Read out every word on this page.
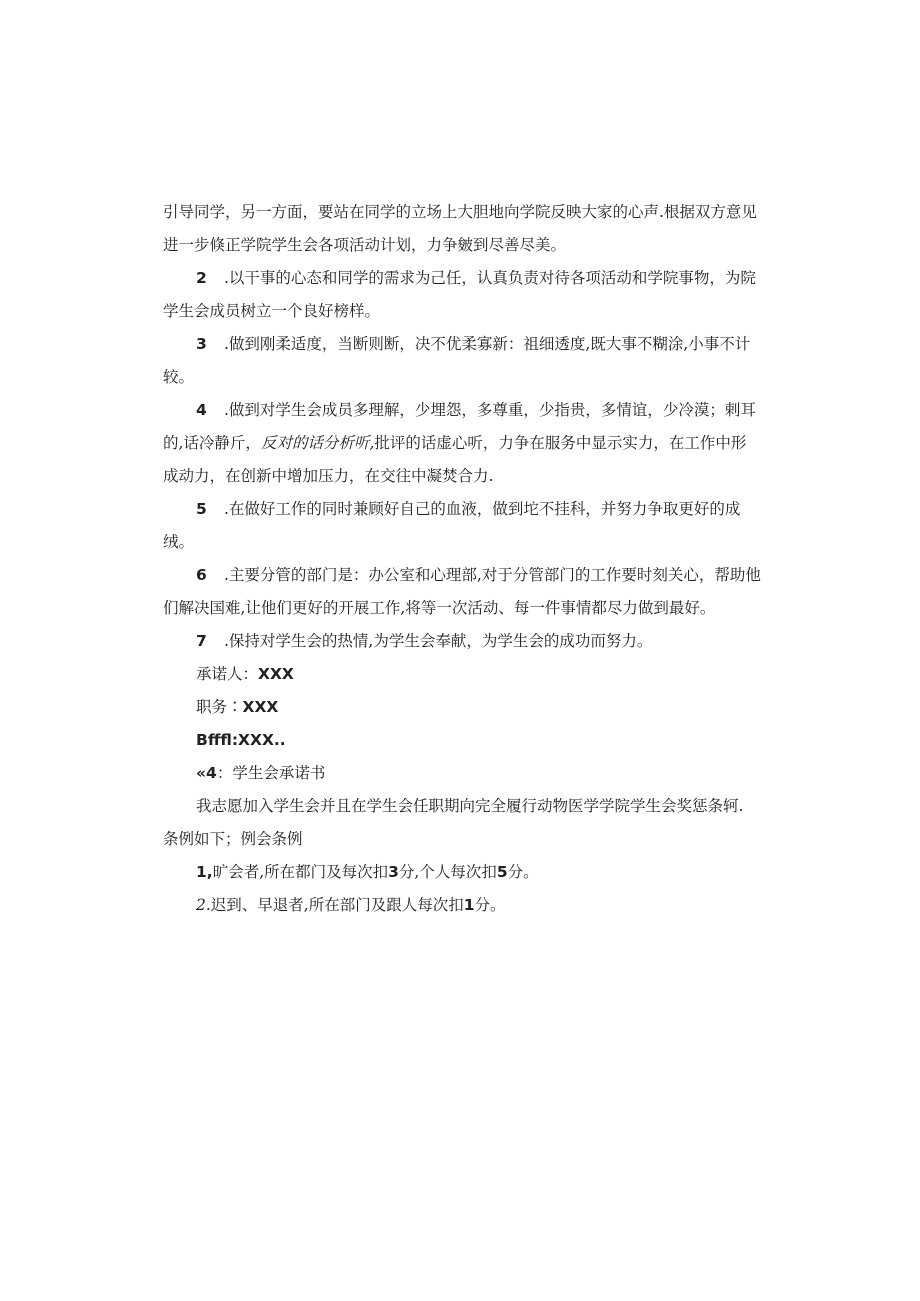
引导同学，另一方面，要站在同学的立场上大胆地向学院反映大家的心声.根据双方意见
进一步倏正学院学生会各项活动计划，力争皴到尽善尽美。
2 .以干事的心态和同学的需求为己任，认真负责对待各项活动和学院事物，为院
学生会成员树立一个良好榜样。
3 .做到刚柔适度，当断则断，决不优柔寡新：祖细透度,既大事不糊涂,小事不计
较。
4 .做到对学生会成员多理解，少埋怨，多尊重，少指贵，多情谊，少冷漠；剌耳
的,话冷静斤，反对的话分析听,批评的话虚心听，力争在服务中显示实力，在工作中形
成动力，在创新中增加压力，在交往中凝焚合力.
5 .在做好工作的同时兼顾好自己的血液，做到坨不挂科，并努力争取更好的成
绒。
6 .主要分管的部门是：办公室和心理部,对于分管部门的工作要时刻关心，帮助他
们解决国难,让他们更好的开展工作,将等一次活动、每一件事情都尽力做到最好。
7 .保持对学生会的热情,为学生会奉献，为学生会的成功而努力。
承诺人：XXX
职务∶XXX
Bfffl:XXX..
«4：学生会承诺书
我志愿加入学生会并且在学生会任职期向完全履行动物医学学院学生会奖惩条轲.
条例如下；例会条例
1,旷会者,所在都门及每次扣3分,个人每次扣5分。
2.迟到、早退者,所在部门及跟人每次扣1分。
